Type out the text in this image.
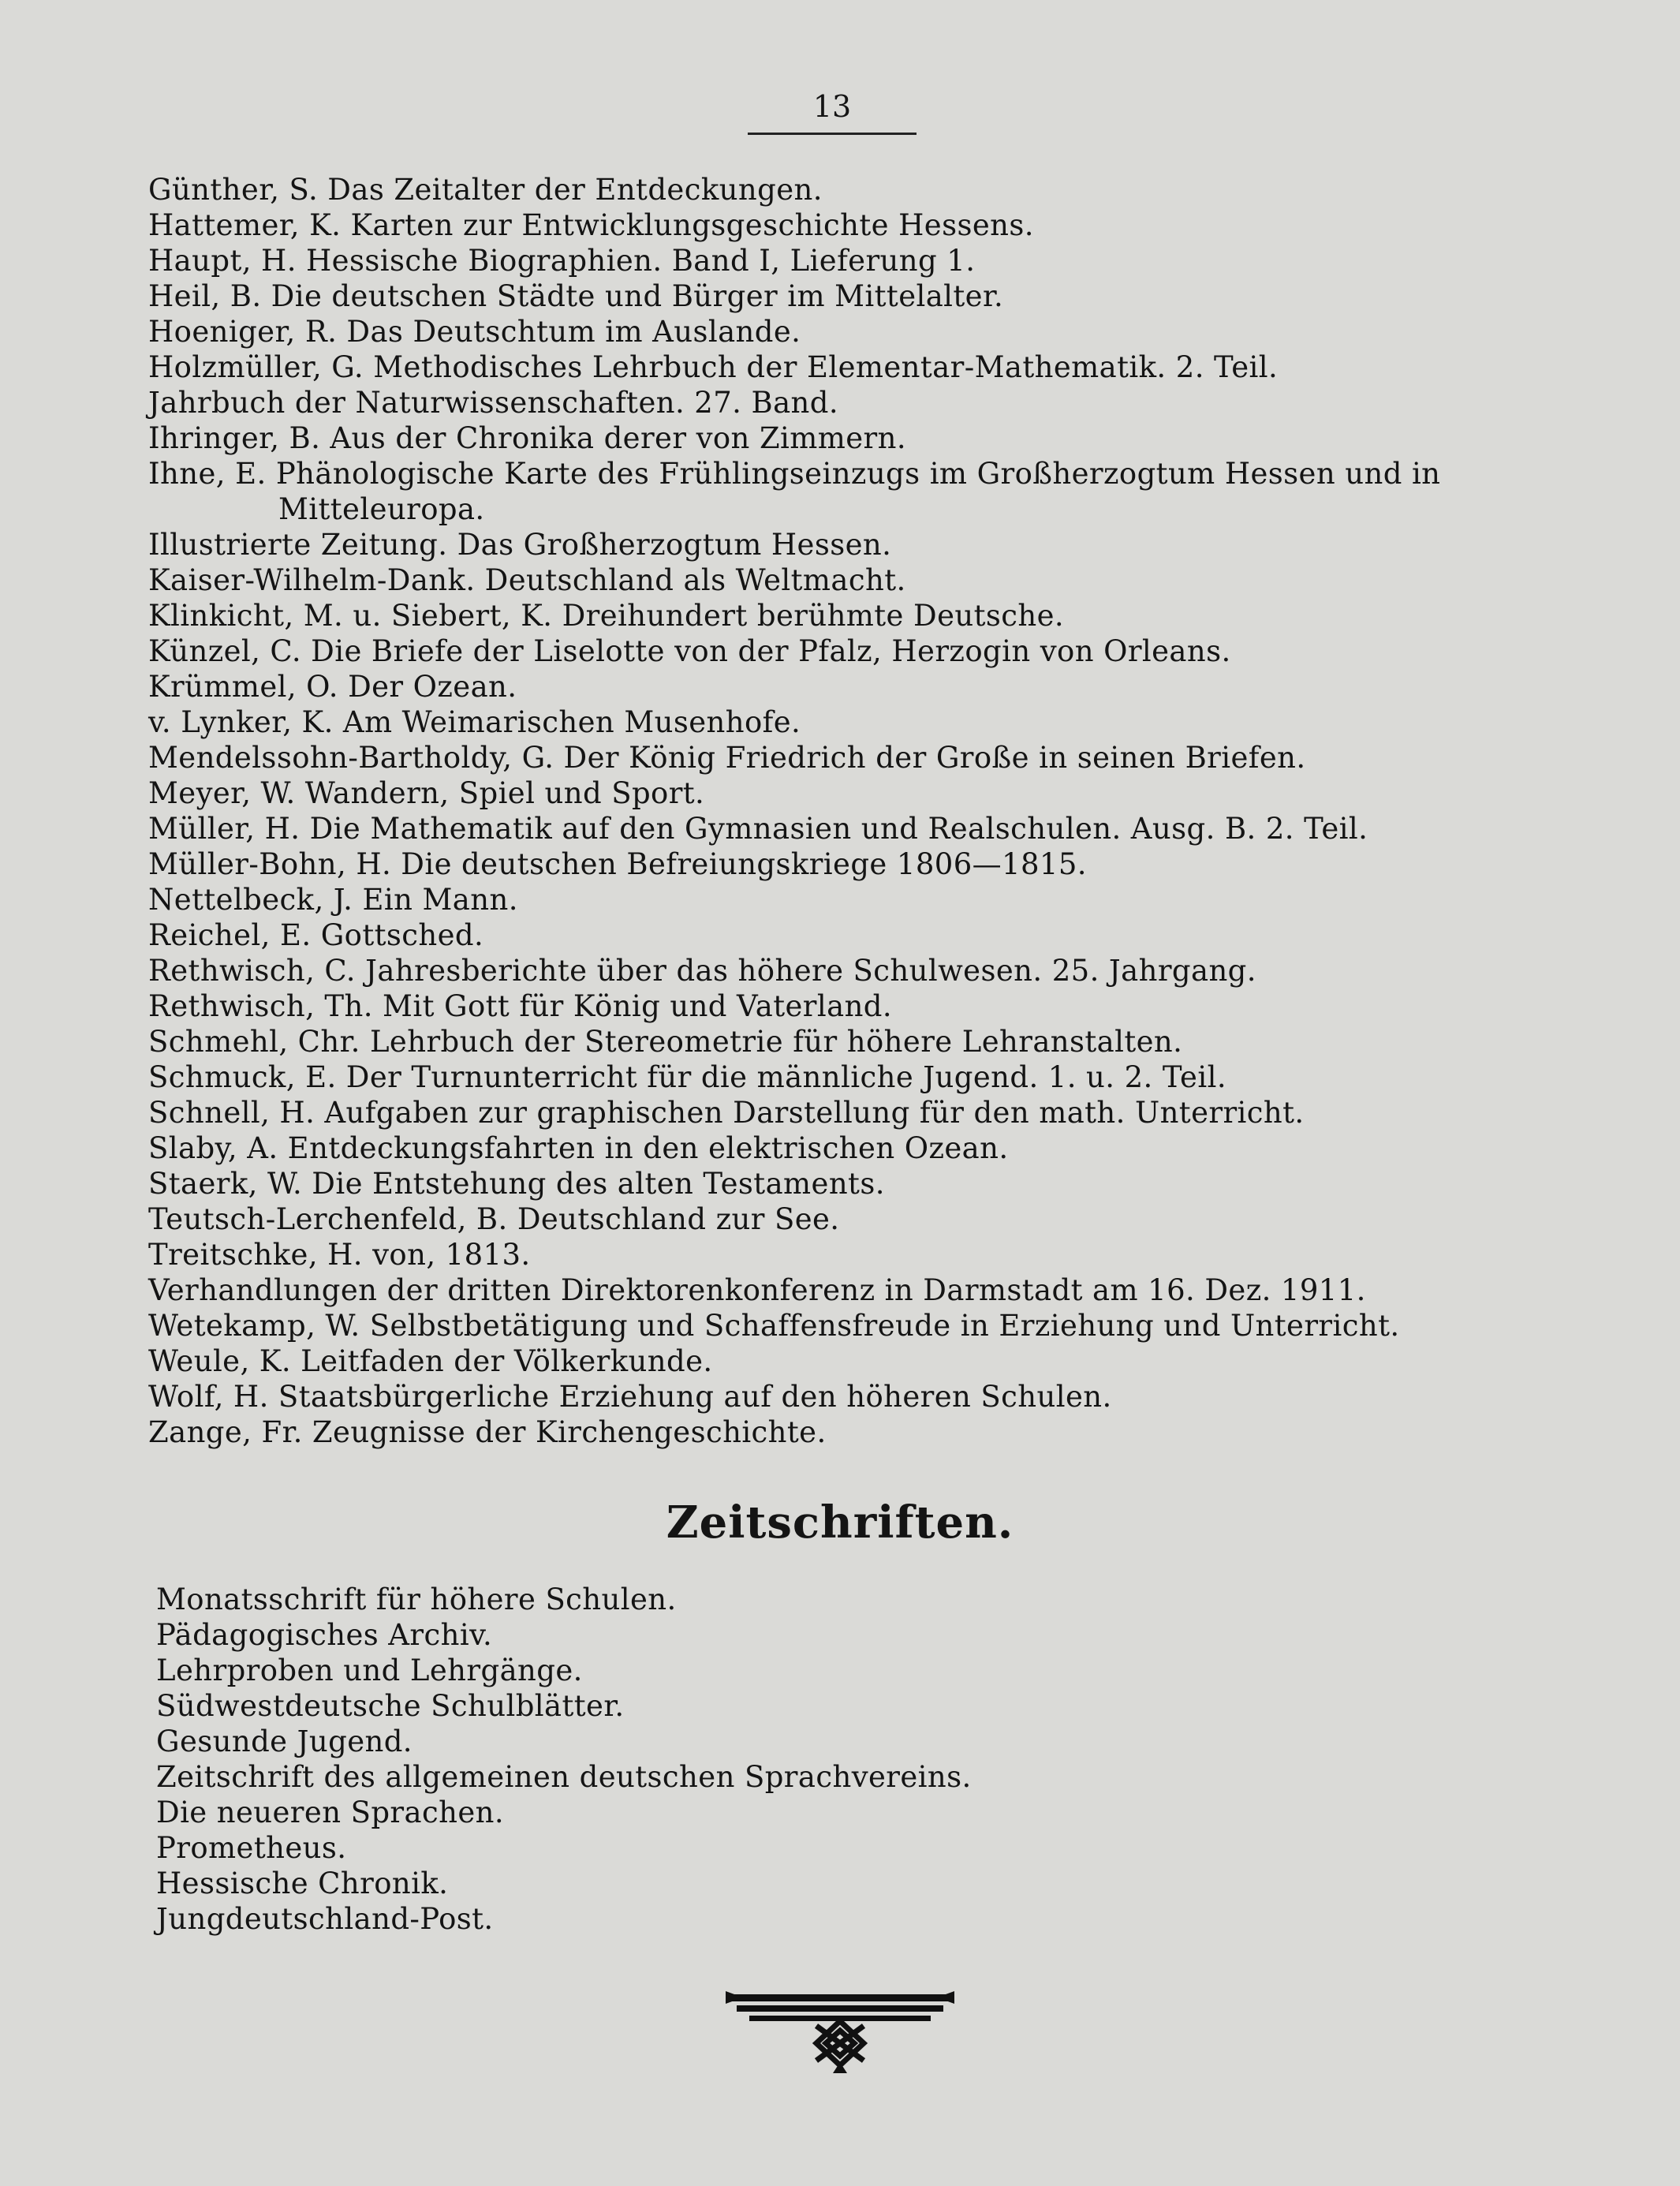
13
Günther, S. Das Zeitalter der Entdeckungen.
Hattemer, K. Karten zur Entwicklungsgeschichte Hessens.
Haupt, H. Hessische Biographien. Band I, Lieferung 1.
Heil, B. Die deutschen Städte und Bürger im Mittelalter.
Hoeniger, R. Das Deutschtum im Auslande.
Holzmüller, G. Methodisches Lehrbuch der Elementar-Mathematik. 2. Teil.
Jahrbuch der Naturwissenschaften. 27. Band.
Ihringer, B. Aus der Chronika derer von Zimmern.
Ihne, E. Phänologische Karte des Frühlingseinzugs im Großherzogtum Hessen und in Mitteleuropa.
Illustrierte Zeitung. Das Großherzogtum Hessen.
Kaiser-Wilhelm-Dank. Deutschland als Weltmacht.
Klinkicht, M. u. Siebert, K. Dreihundert berühmte Deutsche.
Künzel, C. Die Briefe der Liselotte von der Pfalz, Herzogin von Orleans.
Krümmel, O. Der Ozean.
v. Lynker, K. Am Weimarischen Musenhofe.
Mendelssohn-Bartholdy, G. Der König Friedrich der Große in seinen Briefen.
Meyer, W. Wandern, Spiel und Sport.
Müller, H. Die Mathematik auf den Gymnasien und Realschulen. Ausg. B. 2. Teil.
Müller-Bohn, H. Die deutschen Befreiungskriege 1806—1815.
Nettelbeck, J. Ein Mann.
Reichel, E. Gottsched.
Rethwisch, C. Jahresberichte über das höhere Schulwesen. 25. Jahrgang.
Rethwisch, Th. Mit Gott für König und Vaterland.
Schmehl, Chr. Lehrbuch der Stereometrie für höhere Lehranstalten.
Schmuck, E. Der Turnunterricht für die männliche Jugend. 1. u. 2. Teil.
Schnell, H. Aufgaben zur graphischen Darstellung für den math. Unterricht.
Slaby, A. Entdeckungsfahrten in den elektrischen Ozean.
Staerk, W. Die Entstehung des alten Testaments.
Teutsch-Lerchenfeld, B. Deutschland zur See.
Treitschke, H. von, 1813.
Verhandlungen der dritten Direktorenkonferenz in Darmstadt am 16. Dez. 1911.
Wetekamp, W. Selbstbetätigung und Schaffensfreude in Erziehung und Unterricht.
Weule, K. Leitfaden der Völkerkunde.
Wolf, H. Staatsbürgerliche Erziehung auf den höheren Schulen.
Zange, Fr. Zeugnisse der Kirchengeschichte.
Zeitschriften.
Monatsschrift für höhere Schulen.
Pädagogisches Archiv.
Lehrproben und Lehrgänge.
Südwestdeutsche Schulblätter.
Gesunde Jugend.
Zeitschrift des allgemeinen deutschen Sprachvereins.
Die neueren Sprachen.
Prometheus.
Hessische Chronik.
Jungdeutschland-Post.
